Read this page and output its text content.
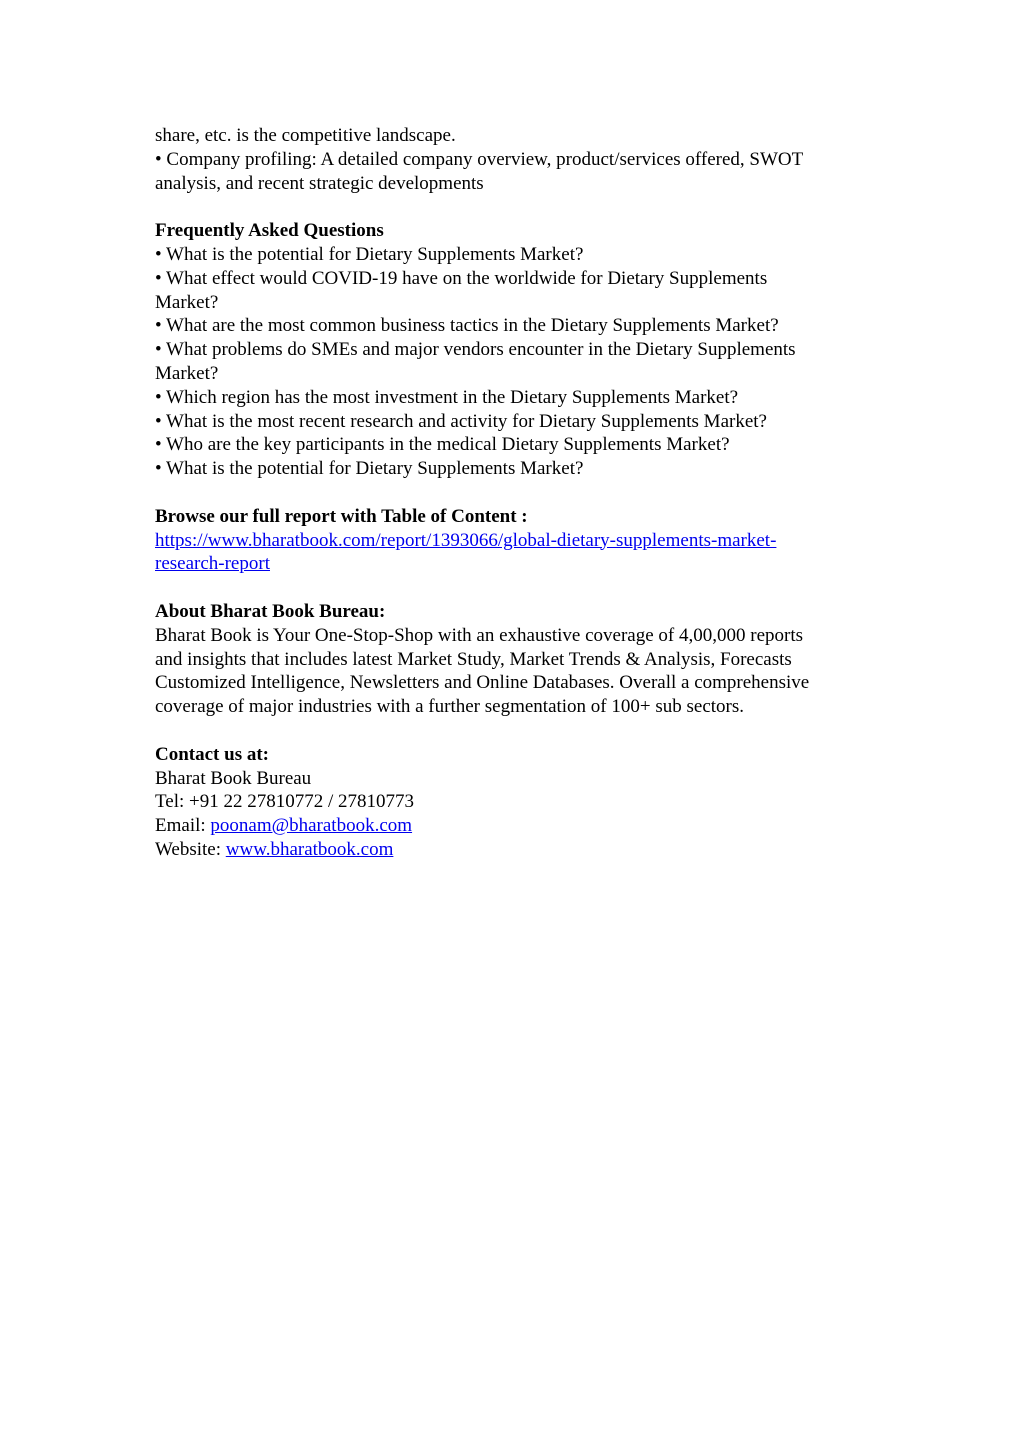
share, etc. is the competitive landscape.
• Company profiling: A detailed company overview, product/services offered, SWOT
analysis, and recent strategic developments
Frequently Asked Questions
• What is the potential for Dietary Supplements Market?
• What effect would COVID-19 have on the worldwide for Dietary Supplements
Market?
• What are the most common business tactics in the Dietary Supplements Market?
• What problems do SMEs and major vendors encounter in the Dietary Supplements
Market?
• Which region has the most investment in the Dietary Supplements Market?
• What is the most recent research and activity for Dietary Supplements Market?
• Who are the key participants in the medical Dietary Supplements Market?
• What is the potential for Dietary Supplements Market?
Browse our full report with Table of Content :
https://www.bharatbook.com/report/1393066/global-dietary-supplements-market-
research-report
About Bharat Book Bureau:
Bharat Book is Your One-Stop-Shop with an exhaustive coverage of 4,00,000 reports
and insights that includes latest Market Study, Market Trends & Analysis, Forecasts
Customized Intelligence, Newsletters and Online Databases. Overall a comprehensive
coverage of major industries with a further segmentation of 100+ sub sectors.
Contact us at:
Bharat Book Bureau
Tel: +91 22 27810772 / 27810773
Email: poonam@bharatbook.com
Website: www.bharatbook.com
